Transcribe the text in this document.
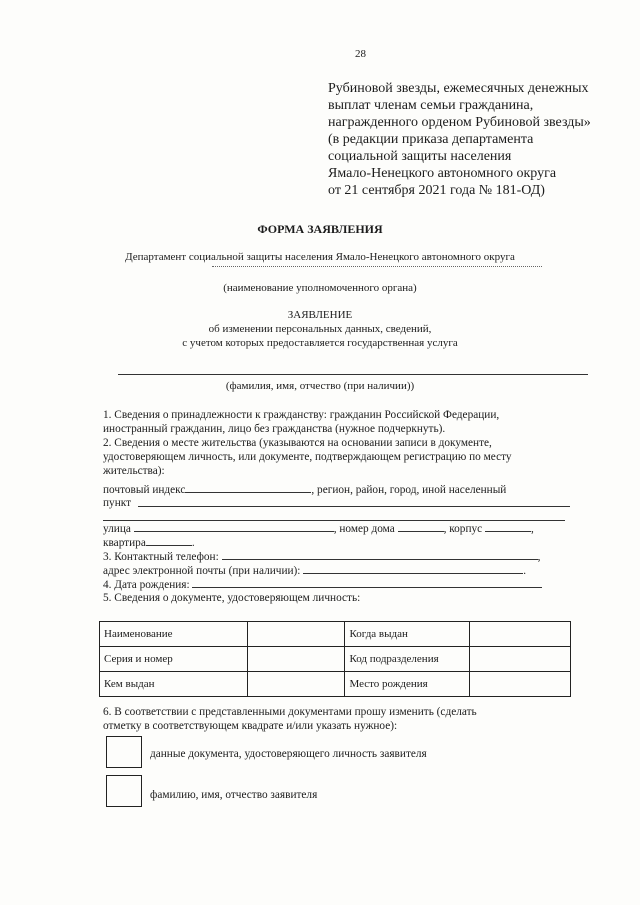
28
Рубиновой звезды, ежемесячных денежных
выплат членам семьи гражданина,
награжденного орденом Рубиновой звезды»
(в редакции приказа департамента
социальной защиты населения
Ямало-Ненецкого автономного округа
от 21 сентября 2021 года № 181-ОД)
ФОРМА ЗАЯВЛЕНИЯ
Департамент социальной защиты населения Ямало-Ненецкого автономного округа
(наименование уполномоченного органа)
ЗАЯВЛЕНИЕ
об изменении персональных данных, сведений,
с учетом которых предоставляется государственная услуга
(фамилия, имя, отчество (при наличии))
1. Сведения о принадлежности к гражданству: гражданин Российской Федерации,
иностранный гражданин, лицо без гражданства (нужное подчеркнуть).
2. Сведения о месте жительства (указываются на основании записи в документе,
удостоверяющем личность, или документе, подтверждающем регистрацию по месту
жительства):
почтовый индекс	, регион, район, город, иной населенный
пункт
улица	, номер дома	, корпус	,
квартира	.
3. Контактный телефон:	,
адрес электронной почты (при наличии):	.
4. Дата рождения:
5. Сведения о документе, удостоверяющем личность:
Наименование		Когда выдан	
Серия и номер		Код подразделения	
Кем выдан		Место рождения	
6. В соответствии с представленными документами прошу изменить (сделать
отметку в соответствующем квадрате и/или указать нужное):
данные документа, удостоверяющего личность заявителя
фамилию, имя, отчество заявителя
